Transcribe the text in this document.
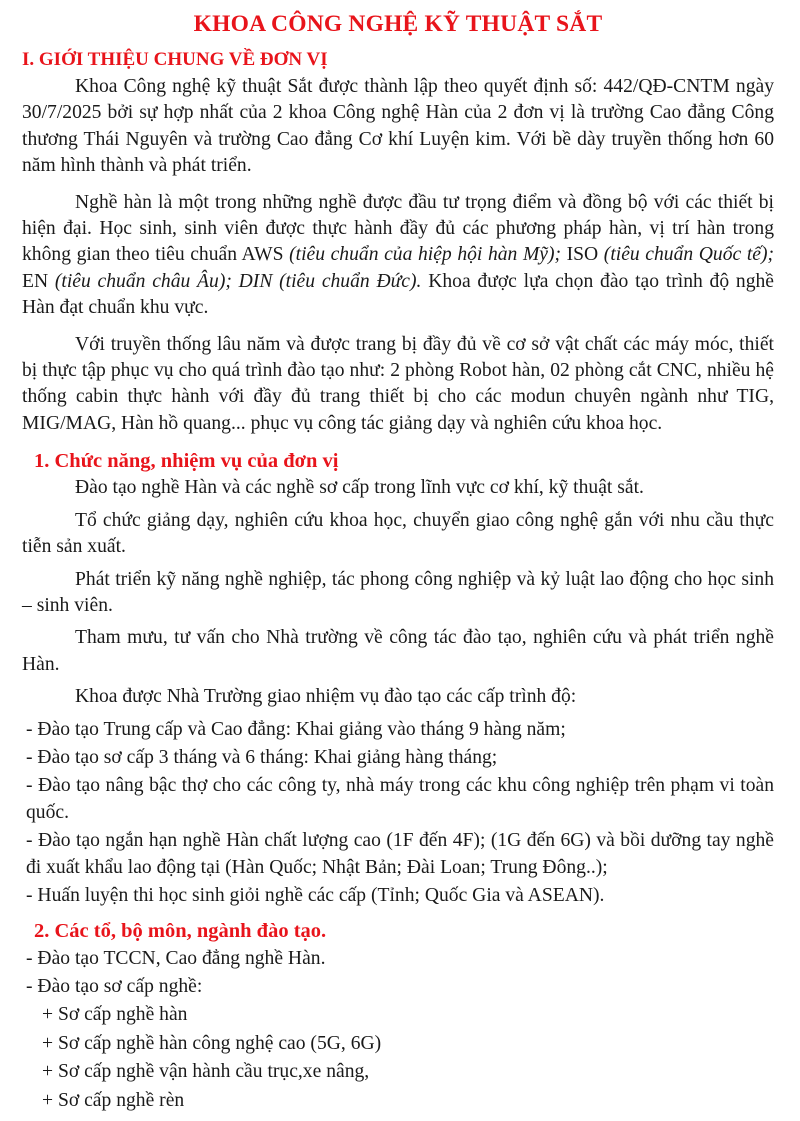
KHOA CÔNG NGHỆ KỸ THUẬT SẮT
I. GIỚI THIỆU CHUNG VỀ ĐƠN VỊ

Khoa Công nghệ kỹ thuật Sắt được thành lập theo quyết định số: 442/QĐ-CNTM ngày 30/7/2025 bởi sự hợp nhất của 2 khoa Công nghệ Hàn của 2 đơn vị là trường Cao đẳng Công thương Thái Nguyên và trường Cao đẳng Cơ khí Luyện kim. Với bề dày truyền thống hơn 60 năm hình thành và phát triển.

Nghề hàn là một trong những nghề được đầu tư trọng điểm và đồng bộ với các thiết bị hiện đại. Học sinh, sinh viên được thực hành đầy đủ các phương pháp hàn, vị trí hàn trong không gian theo tiêu chuẩn AWS (tiêu chuẩn của hiệp hội hàn Mỹ); ISO (tiêu chuẩn Quốc tế); EN (tiêu chuẩn châu Âu); DIN (tiêu chuẩn Đức). Khoa được lựa chọn đào tạo trình độ nghề Hàn đạt chuẩn khu vực.

Với truyền thống lâu năm và được trang bị đầy đủ về cơ sở vật chất các máy móc, thiết bị thực tập phục vụ cho quá trình đào tạo như: 2 phòng Robot hàn, 02 phòng cắt CNC, nhiều hệ thống cabin thực hành với đầy đủ trang thiết bị cho các modun chuyên ngành như TIG, MIG/MAG, Hàn hồ quang... phục vụ công tác giảng dạy và nghiên cứu khoa học.

1. Chức năng, nhiệm vụ của đơn vị

Đào tạo nghề Hàn và các nghề sơ cấp trong lĩnh vực cơ khí, kỹ thuật sắt.

Tổ chức giảng dạy, nghiên cứu khoa học, chuyển giao công nghệ gắn với nhu cầu thực tiễn sản xuất.

Phát triển kỹ năng nghề nghiệp, tác phong công nghiệp và kỷ luật lao động cho học sinh – sinh viên.

Tham mưu, tư vấn cho Nhà trường về công tác đào tạo, nghiên cứu và phát triển nghề Hàn.

Khoa được Nhà Trường giao nhiệm vụ đào tạo các cấp trình độ:

- Đào tạo Trung cấp và Cao đẳng: Khai giảng vào tháng 9 hàng năm;

- Đào tạo sơ cấp 3 tháng và 6 tháng: Khai giảng hàng tháng;

- Đào tạo nâng bậc thợ cho các công ty, nhà máy trong các khu công nghiệp trên phạm vi toàn quốc.

- Đào tạo ngắn hạn nghề Hàn chất lượng cao (1F đến 4F); (1G đến 6G) và bồi dưỡng tay nghề đi xuất khẩu lao động tại (Hàn Quốc; Nhật Bản; Đài Loan; Trung Đông..);

- Huấn luyện thi học sinh giỏi nghề các cấp (Tỉnh; Quốc Gia và ASEAN).

2. Các tổ, bộ môn, ngành đào tạo.

- Đào tạo TCCN, Cao đẳng nghề Hàn.

- Đào tạo sơ cấp nghề:

+ Sơ cấp nghề hàn

+ Sơ cấp nghề hàn công nghệ cao (5G, 6G)

+ Sơ cấp nghề vận hành cầu trục,xe nâng,

+ Sơ cấp nghề rèn
